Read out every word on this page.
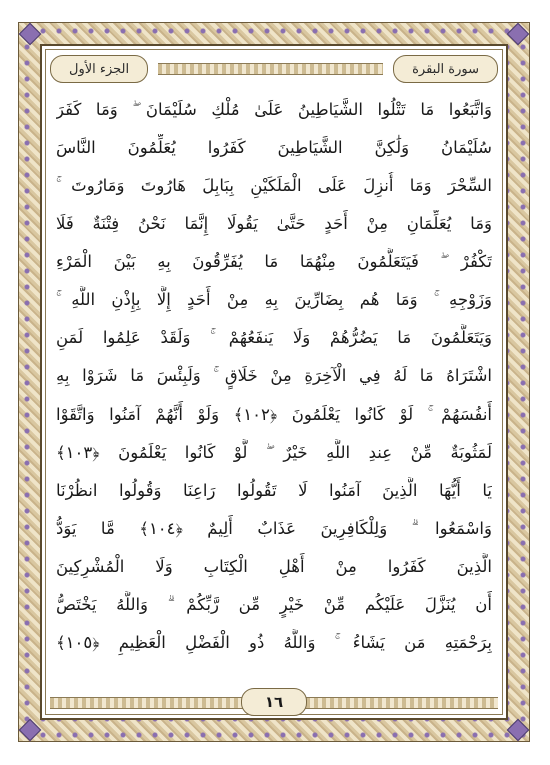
الجزء الأول	سورة البقرة
وَاتَّبَعُوا مَا تَتْلُوا الشَّيَاطِينُ عَلَىٰ مُلْكِ سُلَيْمَانَ ۖ وَمَا كَفَرَ
سُلَيْمَانُ وَلَٰكِنَّ الشَّيَاطِينَ كَفَرُوا يُعَلِّمُونَ النَّاسَ
السِّحْرَ وَمَا أُنزِلَ عَلَى الْمَلَكَيْنِ بِبَابِلَ هَارُوتَ وَمَارُوتَ ۚ
وَمَا يُعَلِّمَانِ مِنْ أَحَدٍ حَتَّىٰ يَقُولَا إِنَّمَا نَحْنُ فِتْنَةٌ فَلَا
تَكْفُرْ ۖ فَيَتَعَلَّمُونَ مِنْهُمَا مَا يُفَرِّقُونَ بِهِ بَيْنَ الْمَرْءِ
وَزَوْجِهِ ۚ وَمَا هُم بِضَارِّينَ بِهِ مِنْ أَحَدٍ إِلَّا بِإِذْنِ اللَّهِ ۚ
وَيَتَعَلَّمُونَ مَا يَضُرُّهُمْ وَلَا يَنفَعُهُمْ ۚ وَلَقَدْ عَلِمُوا لَمَنِ
اشْتَرَاهُ مَا لَهُ فِي الْآخِرَةِ مِنْ خَلَاقٍ ۚ وَلَبِئْسَ مَا شَرَوْا بِهِ
أَنفُسَهُمْ ۚ لَوْ كَانُوا يَعْلَمُونَ ﴿١٠٢﴾ وَلَوْ أَنَّهُمْ آمَنُوا وَاتَّقَوْا
لَمَثُوبَةٌ مِّنْ عِندِ اللَّهِ خَيْرٌ ۖ لَّوْ كَانُوا يَعْلَمُونَ ﴿١٠٣﴾
يَا أَيُّهَا الَّذِينَ آمَنُوا لَا تَقُولُوا رَاعِنَا وَقُولُوا انظُرْنَا
وَاسْمَعُوا ۗ وَلِلْكَافِرِينَ عَذَابٌ أَلِيمٌ ﴿١٠٤﴾ مَّا يَوَدُّ
الَّذِينَ كَفَرُوا مِنْ أَهْلِ الْكِتَابِ وَلَا الْمُشْرِكِينَ
أَن يُنَزَّلَ عَلَيْكُم مِّنْ خَيْرٍ مِّن رَّبِّكُمْ ۗ وَاللَّهُ يَخْتَصُّ
بِرَحْمَتِهِ مَن يَشَاءُ ۚ وَاللَّهُ ذُو الْفَضْلِ الْعَظِيمِ ﴿١٠٥﴾
١٦
